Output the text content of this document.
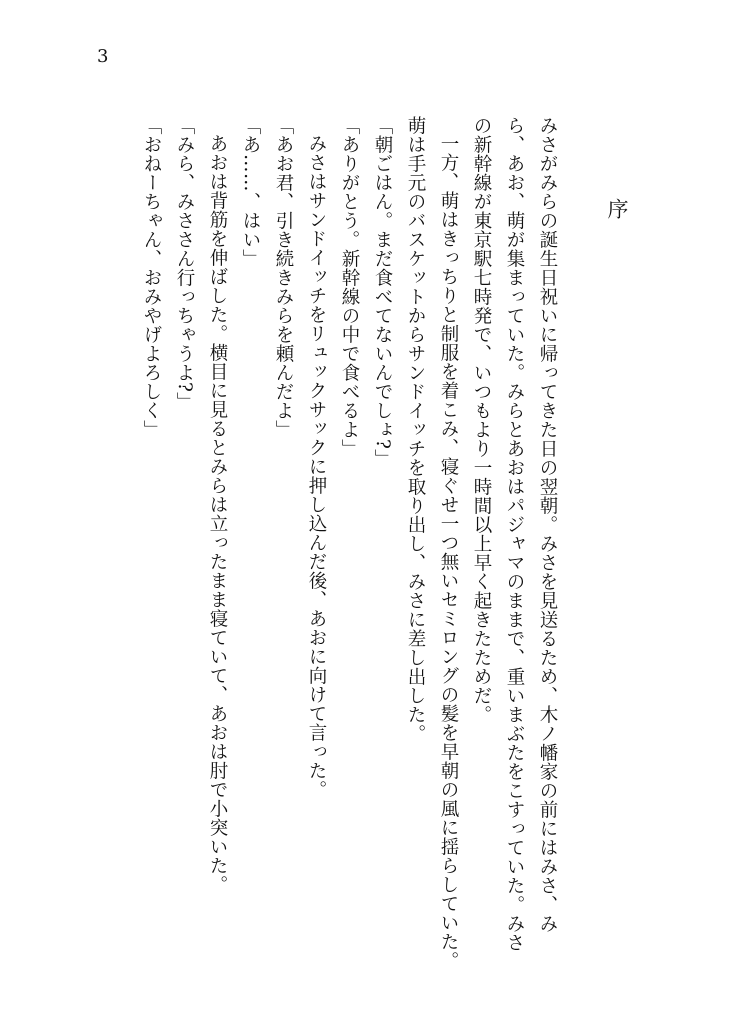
3
序

みさがみらの誕生日祝いに帰ってきた日の翌朝。みさを見送るため、木ノ幡家の前にはみさ、み

ら、あお、萌が集まっていた。みらとあおはパジャマのままで、重いまぶたをこすっていた。みさ

の新幹線が東京駅七時発で、いつもより一時間以上早く起きたためだ。

一方、萌はきっちりと制服を着こみ、寝ぐせ一つ無いセミロングの髪を早朝の風に揺らしていた。

萌は手元のバスケットからサンドイッチを取り出し、みさに差し出した。

「朝ごはん。まだ食べてないんでしょ?」

「ありがとう。新幹線の中で食べるよ」

みさはサンドイッチをリュックサックに押し込んだ後、あおに向けて言った。

「あお君、引き続きみらを頼んだよ」

「あ……、はい」

あおは背筋を伸ばした。横目に見るとみらは立ったまま寝ていて、あおは肘で小突いた。

「みら、みささん行っちゃうよ?」

「おねーちゃん、おみやげよろしく」
